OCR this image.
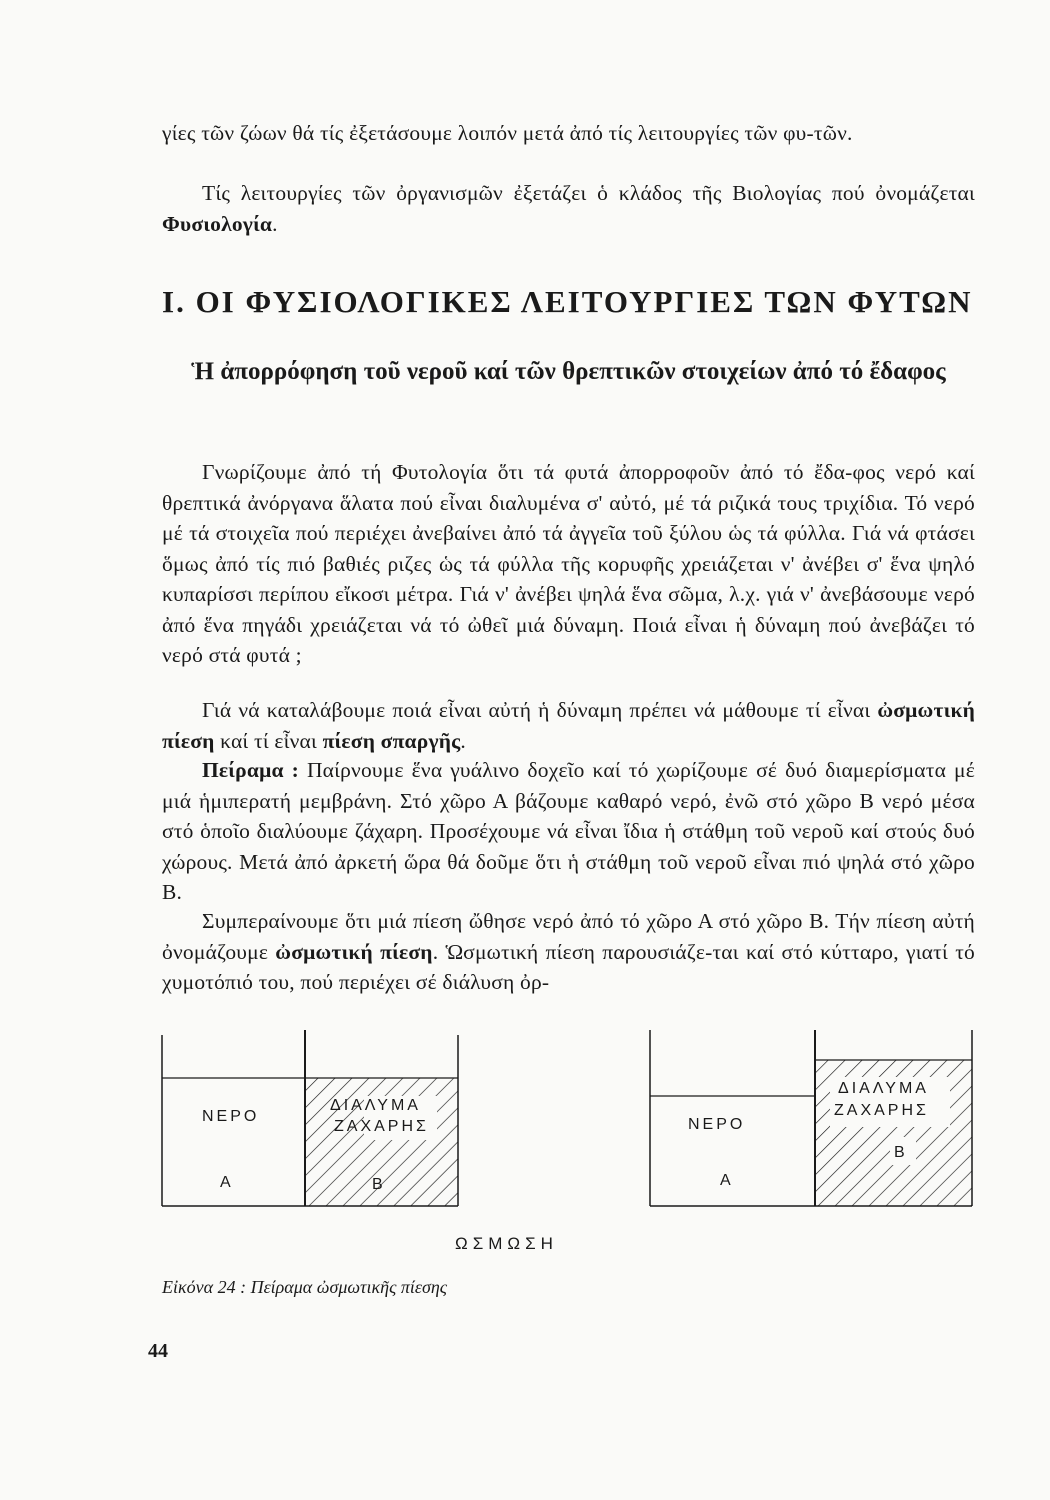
γίες τῶν ζώων θά τίς ἐξετάσουμε λοιπόν μετά ἀπό τίς λειτουργίες τῶν φυ-τῶν.

Τίς λειτουργίες τῶν ὀργανισμῶν ἐξετάζει ὁ κλάδος τῆς Βιολογίας πού ὀνομάζεται Φυσιολογία.

Ι. ΟΙ ΦΥΣΙΟΛΟΓΙΚΕΣ ΛΕΙΤΟΥΡΓΙΕΣ ΤΩΝ ΦΥΤΩΝ
Ἡ ἀπορρόφηση τοῦ νεροῦ καί τῶν θρεπτικῶν στοιχείων ἀπό τό ἔδαφος

Γνωρίζουμε ἀπό τή Φυτολογία ὅτι τά φυτά ἀπορροφοῦν ἀπό τό ἔδα-φος νερό καί θρεπτικά ἀνόργανα ἅλατα πού εἶναι διαλυμένα σ' αὐτό, μέ τά ριζικά τους τριχίδια. Τό νερό μέ τά στοιχεῖα πού περιέχει ἀνεβαίνει ἀπό τά ἀγγεῖα τοῦ ξύλου ὡς τά φύλλα. Γιά νά φτάσει ὅμως ἀπό τίς πιό βαθιές ριζες ὡς τά φύλλα τῆς κορυφῆς χρειάζεται ν' ἀνέβει σ' ἕνα ψηλό κυπαρίσσι περίπου εἴκοσι μέτρα. Γιά ν' ἀνέβει ψηλά ἕνα σῶμα, λ.χ. γιά ν' ἀνεβάσουμε νερό ἀπό ἕνα πηγάδι χρειάζεται νά τό ὠθεῖ μιά δύναμη. Ποιά εἶναι ἡ δύναμη πού ἀνεβάζει τό νερό στά φυτά ;

Γιά νά καταλάβουμε ποιά εἶναι αὐτή ἡ δύναμη πρέπει νά μάθουμε τί εἶναι ὠσμωτική πίεση καί τί εἶναι πίεση σπαργῆς.

Πείραμα : Παίρνουμε ἕνα γυάλινο δοχεῖο καί τό χωρίζουμε σέ δυό διαμερίσματα μέ μιά ἡμιπερατή μεμβράνη. Στό χῶρο Α βάζουμε καθαρό νερό, ἐνῶ στό χῶρο Β νερό μέσα στό ὁποῖο διαλύουμε ζάχαρη. Προσέχουμε νά εἶναι ἴδια ἡ στάθμη τοῦ νεροῦ καί στούς δυό χώρους. Μετά ἀπό ἀρκετή ὥρα θά δοῦμε ὅτι ἡ στάθμη τοῦ νεροῦ εἶναι πιό ψηλά στό χῶρο Β.

Συμπεραίνουμε ὅτι μιά πίεση ὤθησε νερό ἀπό τό χῶρο Α στό χῶρο Β. Τήν πίεση αὐτή ὀνομάζουμε ὠσμωτική πίεση. Ὡσμωτική πίεση παρουσιάζε-ται καί στό κύτταρο, γιατί τό χυμοτόπιό του, πού περιέχει σέ διάλυση ὀρ-

ΝΕΡΟ
Α
ΔΙΑΛΥΜΑ
ΖΑΧΑΡΗΣ
Β
ΝΕΡΟ
Α
ΔΙΑΛΥΜΑ
ΖΑΧΑΡΗΣ
Β
ΩΣΜΩΣΗ
Εἰκόνα 24 : Πείραμα ὠσμωτικῆς πίεσης
44
